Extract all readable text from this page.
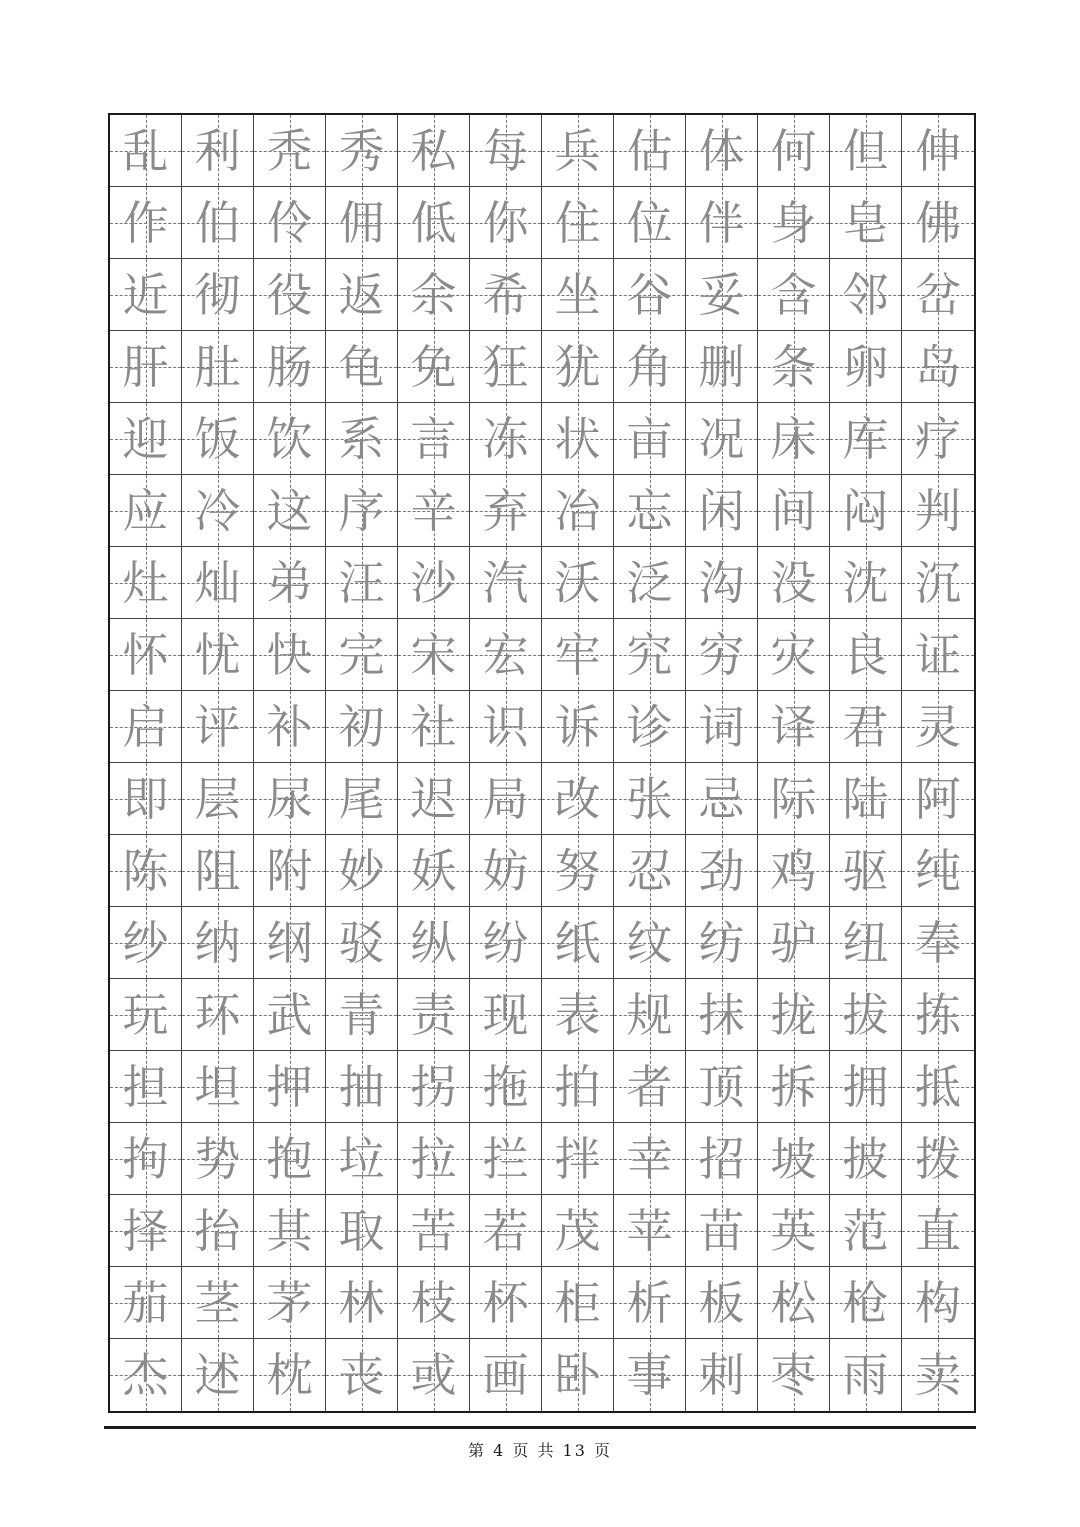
乱 利 秃 秀 私 每 兵 估 体 何 但 伸
作 伯 伶 佣 低 你 住 位 伴 身 皂 佛
近 彻 役 返 余 希 坐 谷 妥 含 邻 岔
肝 肚 肠 龟 免 狂 犹 角 删 条 卵 岛
迎 饭 饮 系 言 冻 状 亩 况 床 库 疗
应 冷 这 序 辛 弃 冶 忘 闲 间 闷 判
灶 灿 弟 汪 沙 汽 沃 泛 沟 没 沈 沉
怀 忧 快 完 宋 宏 牢 究 穷 灾 良 证
启 评 补 初 社 识 诉 诊 词 译 君 灵
即 层 尿 尾 迟 局 改 张 忌 际 陆 阿
陈 阻 附 妙 妖 妨 努 忍 劲 鸡 驱 纯
纱 纳 纲 驳 纵 纷 纸 纹 纺 驴 纽 奉
玩 环 武 青 责 现 表 规 抹 拢 拔 拣
担 坦 押 抽 拐 拖 拍 者 顶 拆 拥 抵
拘 势 抱 垃 拉 拦 拌 幸 招 坡 披 拨
择 抬 其 取 苦 若 茂 苹 苗 英 范 直
茄 茎 茅 林 枝 杯 柜 析 板 松 枪 构
杰 述 枕 丧 或 画 卧 事 刺 枣 雨 卖
第 4 页 共 13 页
